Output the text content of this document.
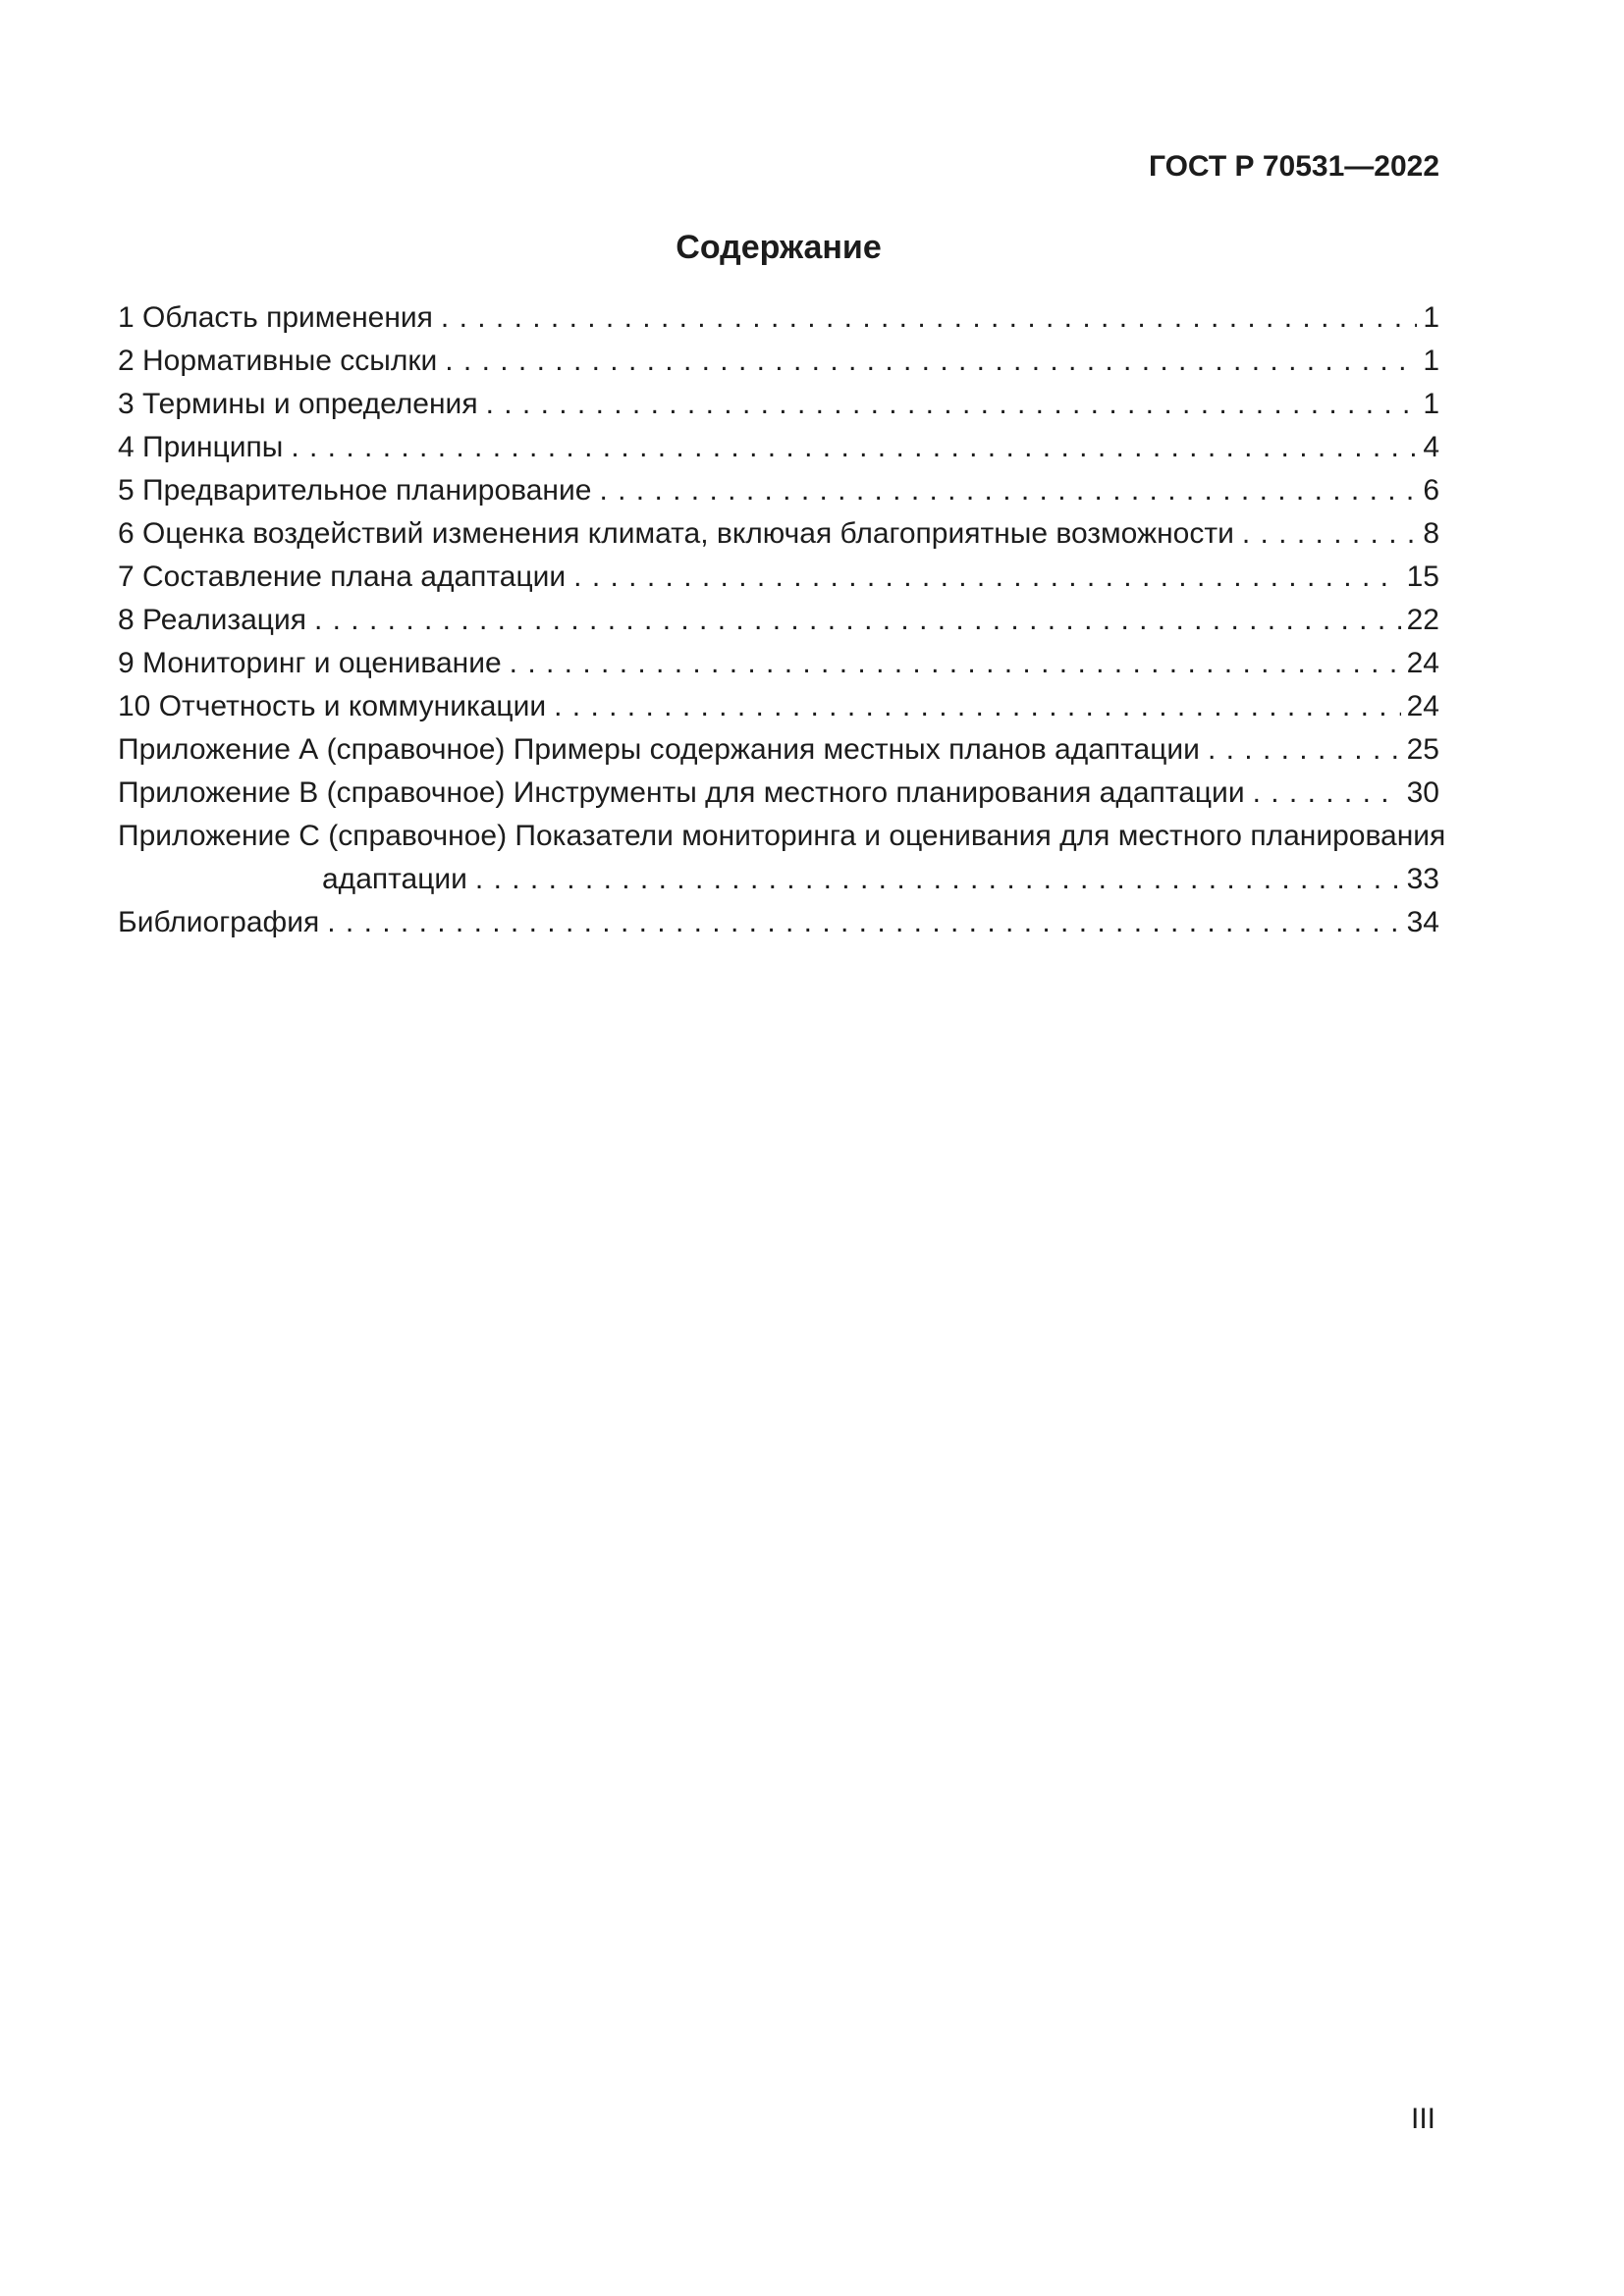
ГОСТ Р 70531—2022
Содержание
1 Область применения . . .	1
2 Нормативные ссылки . . .	1
3 Термины и определения . . .	1
4 Принципы . . .	4
5 Предварительное планирование . . .	6
6 Оценка воздействий изменения климата, включая благоприятные возможности . . .	8
7 Составление плана адаптации . . .	15
8 Реализация . . .	22
9 Мониторинг и оценивание . . .	24
10 Отчетность и коммуникации . . .	24
Приложение А (справочное) Примеры содержания местных планов адаптации . . .	25
Приложение В (справочное) Инструменты для местного планирования адаптации . . .	30
Приложение С (справочное) Показатели мониторинга и оценивания для местного планирования
адаптации . . .	33
Библиография . . .	34
III
